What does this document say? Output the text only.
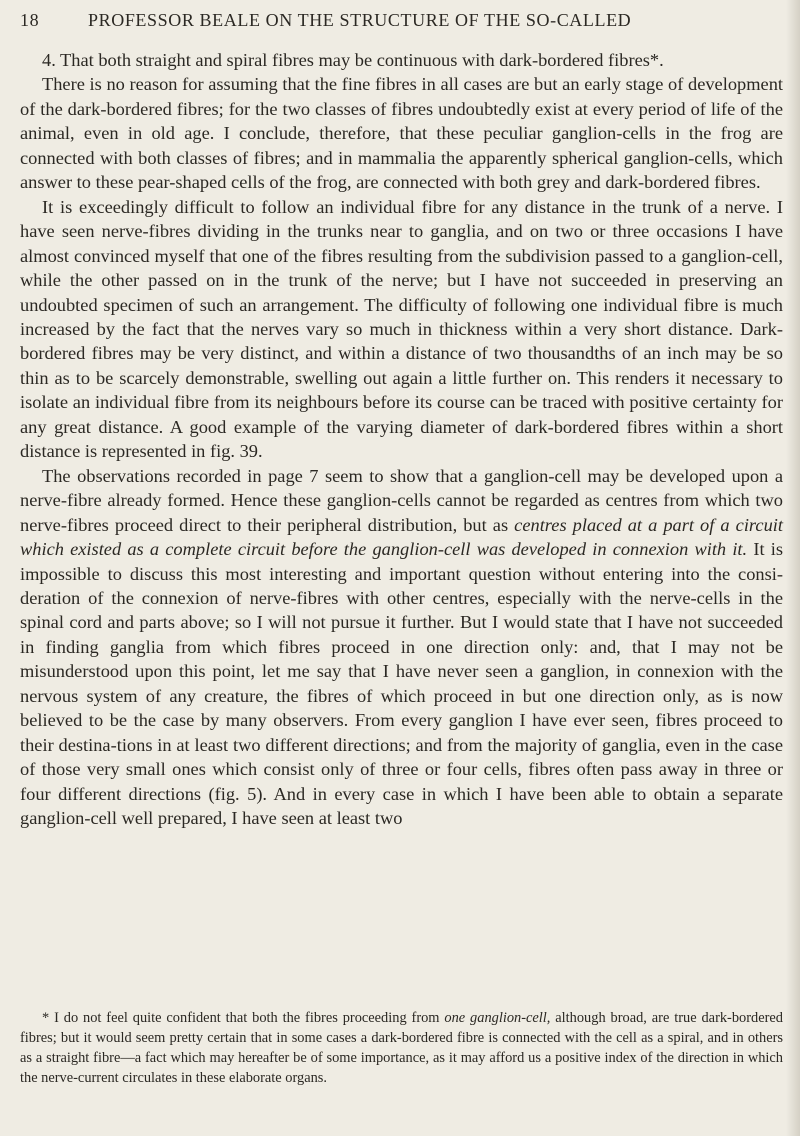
18	PROFESSOR BEALE ON THE STRUCTURE OF THE SO-CALLED

4. That both straight and spiral fibres may be continuous with dark-bordered fibres*.

There is no reason for assuming that the fine fibres in all cases are but an early stage of development of the dark-bordered fibres; for the two classes of fibres undoubtedly exist at every period of life of the animal, even in old age. I conclude, therefore, that these peculiar ganglion-cells in the frog are connected with both classes of fibres; and in mammalia the apparently spherical ganglion-cells, which answer to these pear-shaped cells of the frog, are connected with both grey and dark-bordered fibres.

It is exceedingly difficult to follow an individual fibre for any distance in the trunk of a nerve. I have seen nerve-fibres dividing in the trunks near to ganglia, and on two or three occasions I have almost convinced myself that one of the fibres resulting from the subdivision passed to a ganglion-cell, while the other passed on in the trunk of the nerve; but I have not succeeded in preserving an undoubted specimen of such an arrangement. The difficulty of following one individual fibre is much increased by the fact that the nerves vary so much in thickness within a very short distance. Dark-bordered fibres may be very distinct, and within a distance of two thousandths of an inch may be so thin as to be scarcely demonstrable, swelling out again a little further on. This renders it necessary to isolate an individual fibre from its neighbours before its course can be traced with positive certainty for any great distance. A good example of the varying diameter of dark-bordered fibres within a short distance is represented in fig. 39.

The observations recorded in page 7 seem to show that a ganglion-cell may be developed upon a nerve-fibre already formed. Hence these ganglion-cells cannot be regarded as centres from which two nerve-fibres proceed direct to their peripheral distribution, but as centres placed at a part of a circuit which existed as a complete circuit before the ganglion-cell was developed in connexion with it. It is impossible to discuss this most interesting and important question without entering into the consi-deration of the connexion of nerve-fibres with other centres, especially with the nerve-cells in the spinal cord and parts above; so I will not pursue it further. But I would state that I have not succeeded in finding ganglia from which fibres proceed in one direction only: and, that I may not be misunderstood upon this point, let me say that I have never seen a ganglion, in connexion with the nervous system of any creature, the fibres of which proceed in but one direction only, as is now believed to be the case by many observers. From every ganglion I have ever seen, fibres proceed to their destina-tions in at least two different directions; and from the majority of ganglia, even in the case of those very small ones which consist only of three or four cells, fibres often pass away in three or four different directions (fig. 5). And in every case in which I have been able to obtain a separate ganglion-cell well prepared, I have seen at least two

* I do not feel quite confident that both the fibres proceeding from one ganglion-cell, although broad, are true dark-bordered fibres; but it would seem pretty certain that in some cases a dark-bordered fibre is connected with the cell as a spiral, and in others as a straight fibre—a fact which may hereafter be of some importance, as it may afford us a positive index of the direction in which the nerve-current circulates in these elaborate organs.
